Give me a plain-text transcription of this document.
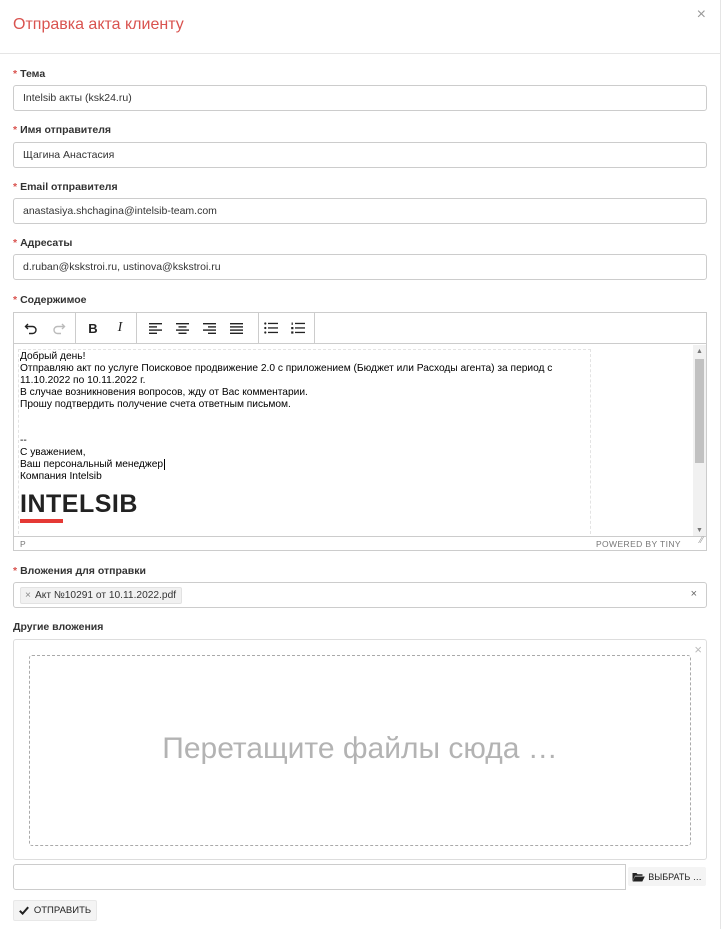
Отправка акта клиенту
×
* Тема
Intelsib акты (ksk24.ru)
* Имя отправителя
Щагина Анастасия
* Email отправителя
anastasiya.shchagina@intelsib-team.com
* Адресаты
d.ruban@kskstroi.ru, ustinova@kskstroi.ru
* Содержимое
B	I

Добрый день!

Отправляю акт по услуге Поисковое продвижение 2.0 с приложением (Бюджет или Расходы агента) за период с 11.10.2022 по 10.11.2022 г.

В случае возникновения вопросов, жду от Вас комментарии.

Прошу подтвердить получение счета ответным письмом.

--

С уважением,

Ваш персональный менеджер

Компания Intelsib

INTELSIB
▲
▼
P	POWERED BY TINY ⁄⁄
* Вложения для отправки
× Акт №10291 от 10.11.2022.pdf	×
Другие вложения
×
Перетащите файлы сюда …
ВЫБРАТЬ …
ОТПРАВИТЬ
